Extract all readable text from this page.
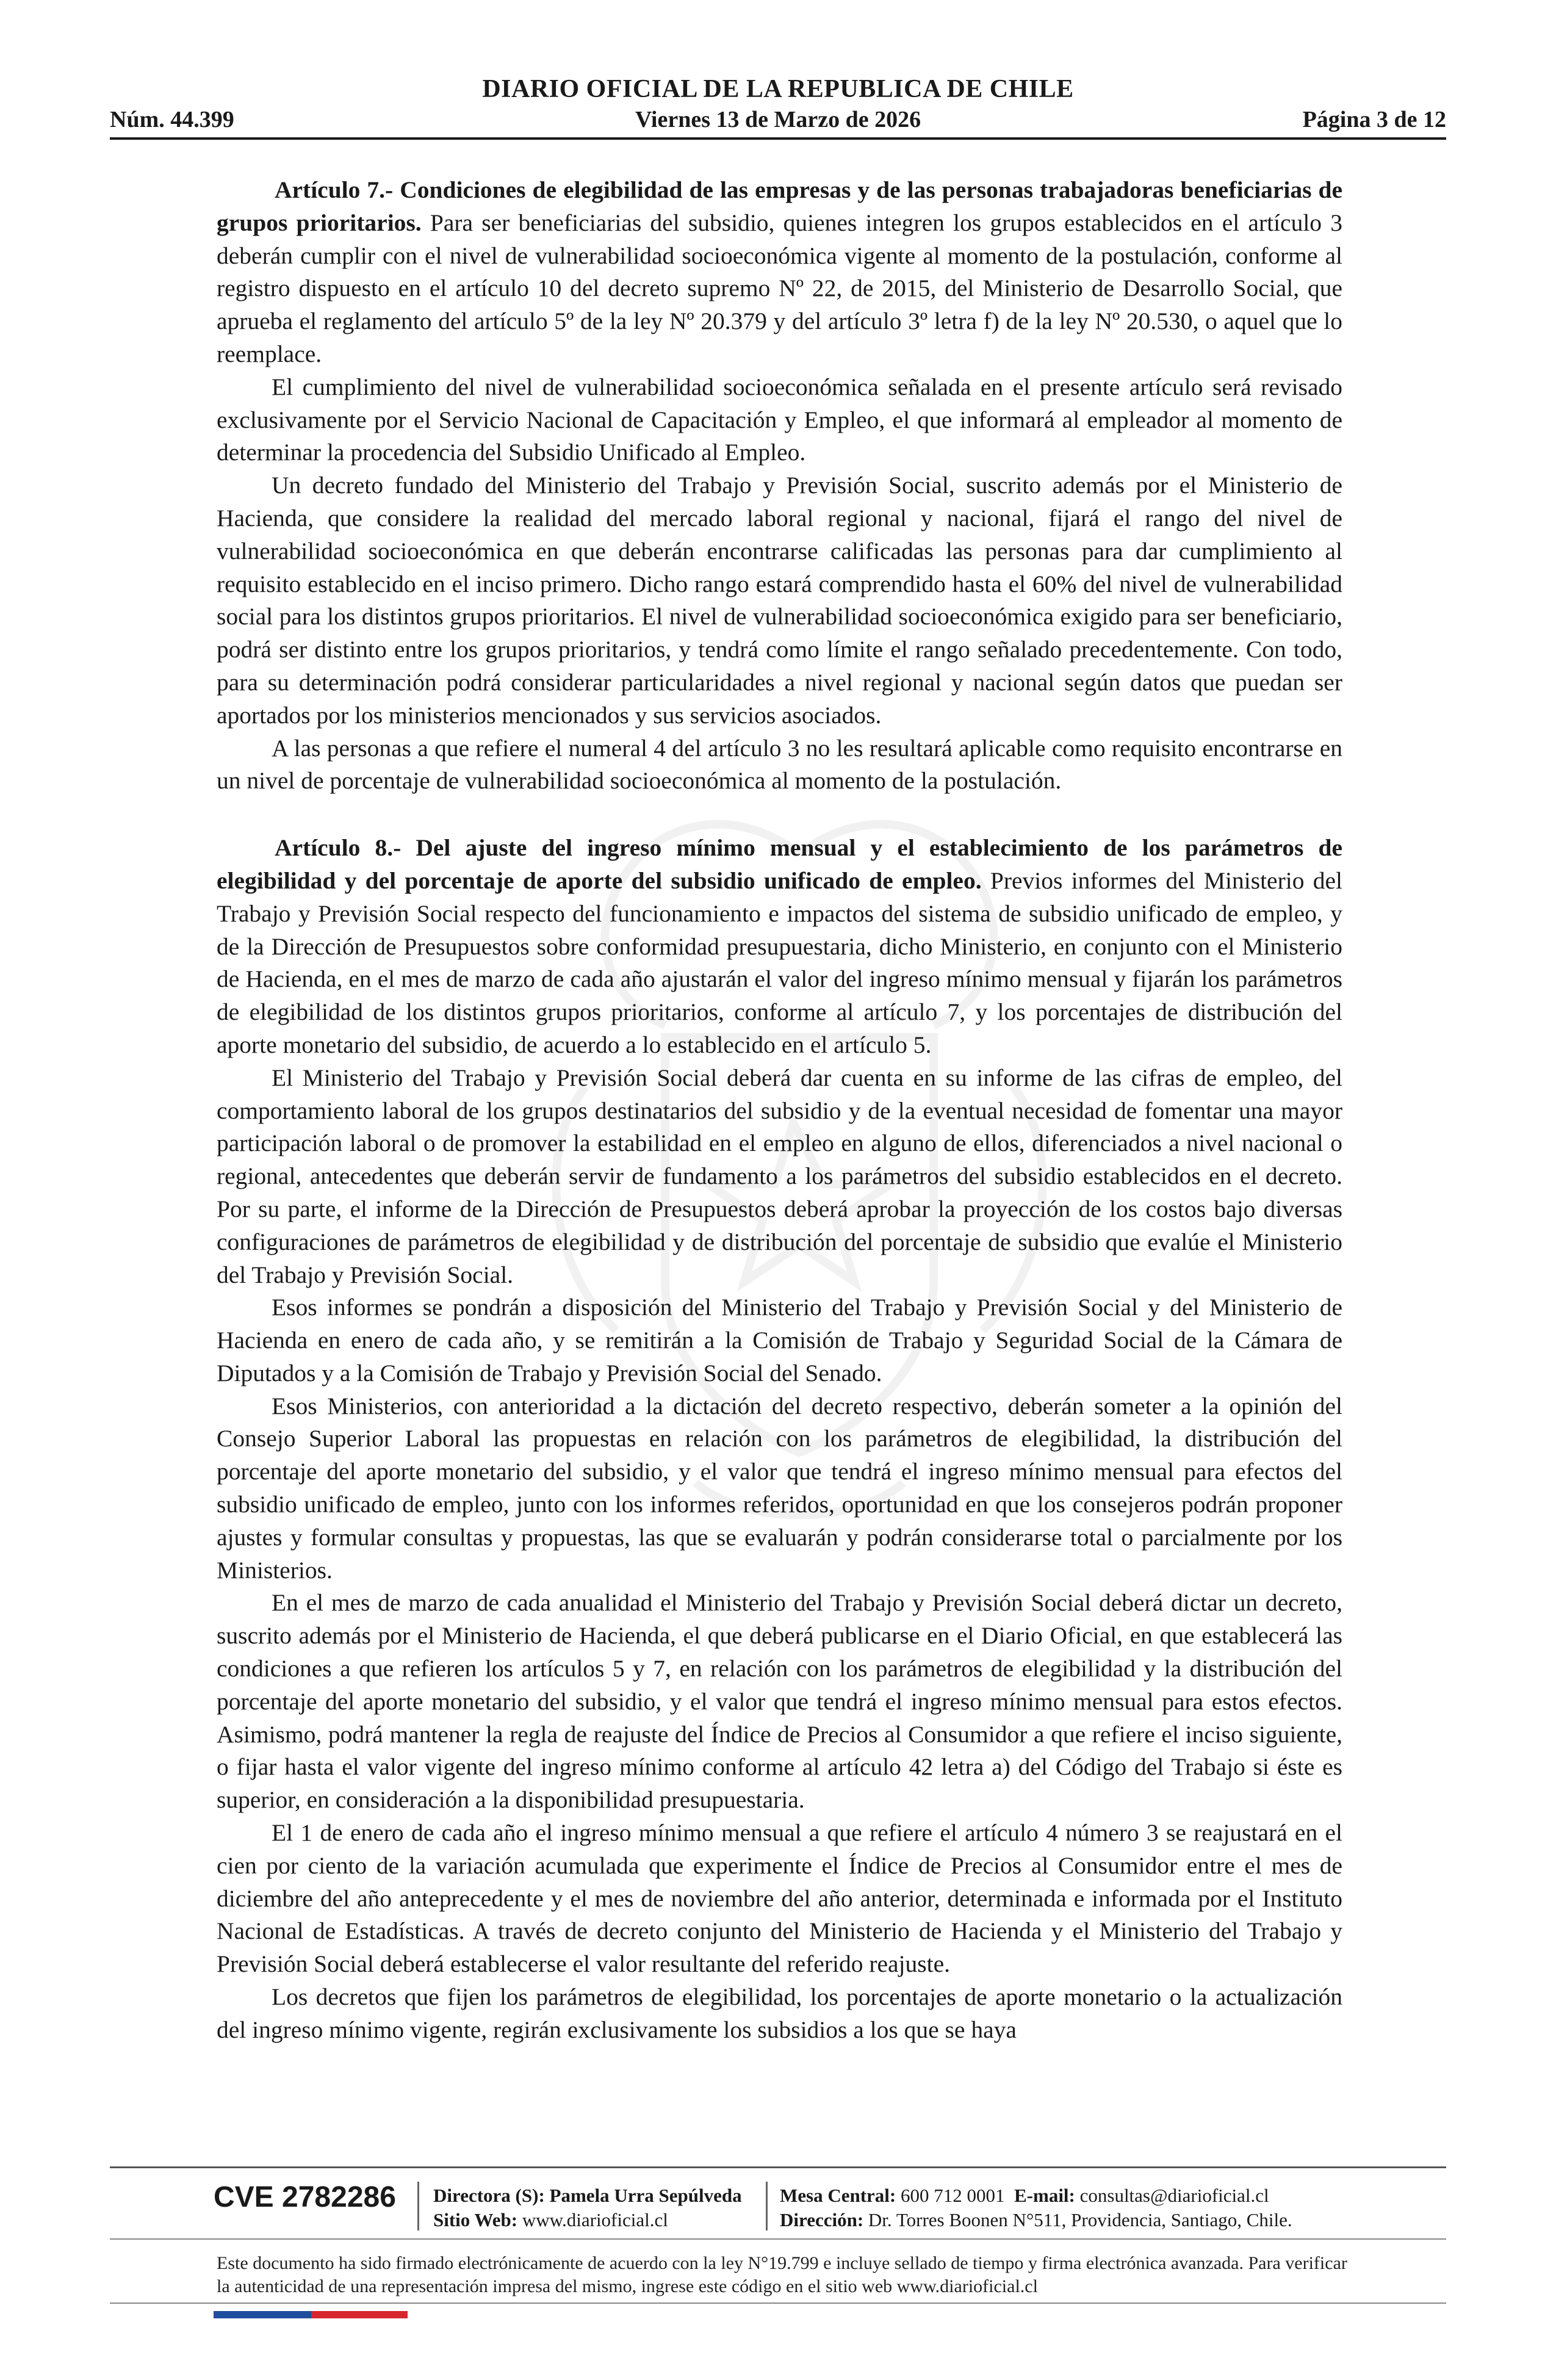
DIARIO OFICIAL DE LA REPUBLICA DE CHILE
Núm. 44.399	Viernes 13 de Marzo de 2026	Página 3 de 12

Artículo 7.- Condiciones de elegibilidad de las empresas y de las personas trabajadoras beneficiarias de grupos prioritarios. Para ser beneficiarias del subsidio, quienes integren los grupos establecidos en el artículo 3 deberán cumplir con el nivel de vulnerabilidad socioeconómica vigente al momento de la postulación, conforme al registro dispuesto en el artículo 10 del decreto supremo Nº 22, de 2015, del Ministerio de Desarrollo Social, que aprueba el reglamento del artículo 5º de la ley Nº 20.379 y del artículo 3º letra f) de la ley Nº 20.530, o aquel que lo reemplace.

El cumplimiento del nivel de vulnerabilidad socioeconómica señalada en el presente artículo será revisado exclusivamente por el Servicio Nacional de Capacitación y Empleo, el que informará al empleador al momento de determinar la procedencia del Subsidio Unificado al Empleo.

Un decreto fundado del Ministerio del Trabajo y Previsión Social, suscrito además por el Ministerio de Hacienda, que considere la realidad del mercado laboral regional y nacional, fijará el rango del nivel de vulnerabilidad socioeconómica en que deberán encontrarse calificadas las personas para dar cumplimiento al requisito establecido en el inciso primero. Dicho rango estará comprendido hasta el 60% del nivel de vulnerabilidad social para los distintos grupos prioritarios. El nivel de vulnerabilidad socioeconómica exigido para ser beneficiario, podrá ser distinto entre los grupos prioritarios, y tendrá como límite el rango señalado precedentemente. Con todo, para su determinación podrá considerar particularidades a nivel regional y nacional según datos que puedan ser aportados por los ministerios mencionados y sus servicios asociados.

A las personas a que refiere el numeral 4 del artículo 3 no les resultará aplicable como requisito encontrarse en un nivel de porcentaje de vulnerabilidad socioeconómica al momento de la postulación.

Artículo 8.- Del ajuste del ingreso mínimo mensual y el establecimiento de los parámetros de elegibilidad y del porcentaje de aporte del subsidio unificado de empleo. Previos informes del Ministerio del Trabajo y Previsión Social respecto del funcionamiento e impactos del sistema de subsidio unificado de empleo, y de la Dirección de Presupuestos sobre conformidad presupuestaria, dicho Ministerio, en conjunto con el Ministerio de Hacienda, en el mes de marzo de cada año ajustarán el valor del ingreso mínimo mensual y fijarán los parámetros de elegibilidad de los distintos grupos prioritarios, conforme al artículo 7, y los porcentajes de distribución del aporte monetario del subsidio, de acuerdo a lo establecido en el artículo 5.

El Ministerio del Trabajo y Previsión Social deberá dar cuenta en su informe de las cifras de empleo, del comportamiento laboral de los grupos destinatarios del subsidio y de la eventual necesidad de fomentar una mayor participación laboral o de promover la estabilidad en el empleo en alguno de ellos, diferenciados a nivel nacional o regional, antecedentes que deberán servir de fundamento a los parámetros del subsidio establecidos en el decreto. Por su parte, el informe de la Dirección de Presupuestos deberá aprobar la proyección de los costos bajo diversas configuraciones de parámetros de elegibilidad y de distribución del porcentaje de subsidio que evalúe el Ministerio del Trabajo y Previsión Social.

Esos informes se pondrán a disposición del Ministerio del Trabajo y Previsión Social y del Ministerio de Hacienda en enero de cada año, y se remitirán a la Comisión de Trabajo y Seguridad Social de la Cámara de Diputados y a la Comisión de Trabajo y Previsión Social del Senado.

Esos Ministerios, con anterioridad a la dictación del decreto respectivo, deberán someter a la opinión del Consejo Superior Laboral las propuestas en relación con los parámetros de elegibilidad, la distribución del porcentaje del aporte monetario del subsidio, y el valor que tendrá el ingreso mínimo mensual para efectos del subsidio unificado de empleo, junto con los informes referidos, oportunidad en que los consejeros podrán proponer ajustes y formular consultas y propuestas, las que se evaluarán y podrán considerarse total o parcialmente por los Ministerios.

En el mes de marzo de cada anualidad el Ministerio del Trabajo y Previsión Social deberá dictar un decreto, suscrito además por el Ministerio de Hacienda, el que deberá publicarse en el Diario Oficial, en que establecerá las condiciones a que refieren los artículos 5 y 7, en relación con los parámetros de elegibilidad y la distribución del porcentaje del aporte monetario del subsidio, y el valor que tendrá el ingreso mínimo mensual para estos efectos. Asimismo, podrá mantener la regla de reajuste del Índice de Precios al Consumidor a que refiere el inciso siguiente, o fijar hasta el valor vigente del ingreso mínimo conforme al artículo 42 letra a) del Código del Trabajo si éste es superior, en consideración a la disponibilidad presupuestaria.

El 1 de enero de cada año el ingreso mínimo mensual a que refiere el artículo 4 número 3 se reajustará en el cien por ciento de la variación acumulada que experimente el Índice de Precios al Consumidor entre el mes de diciembre del año anteprecedente y el mes de noviembre del año anterior, determinada e informada por el Instituto Nacional de Estadísticas. A través de decreto conjunto del Ministerio de Hacienda y el Ministerio del Trabajo y Previsión Social deberá establecerse el valor resultante del referido reajuste.

Los decretos que fijen los parámetros de elegibilidad, los porcentajes de aporte monetario o la actualización del ingreso mínimo vigente, regirán exclusivamente los subsidios a los que se haya

CVE 2782286 Directora (S): Pamela Urra Sepúlveda
Sitio Web: www.diarioficial.cl
Mesa Central: 600 712 0001 E-mail: consultas@diarioficial.cl
Dirección: Dr. Torres Boonen N°511, Providencia, Santiago, Chile.
Este documento ha sido firmado electrónicamente de acuerdo con la ley N°19.799 e incluye sellado de tiempo y firma electrónica avanzada. Para verificar la autenticidad de una representación impresa del mismo, ingrese este código en el sitio web www.diarioficial.cl
